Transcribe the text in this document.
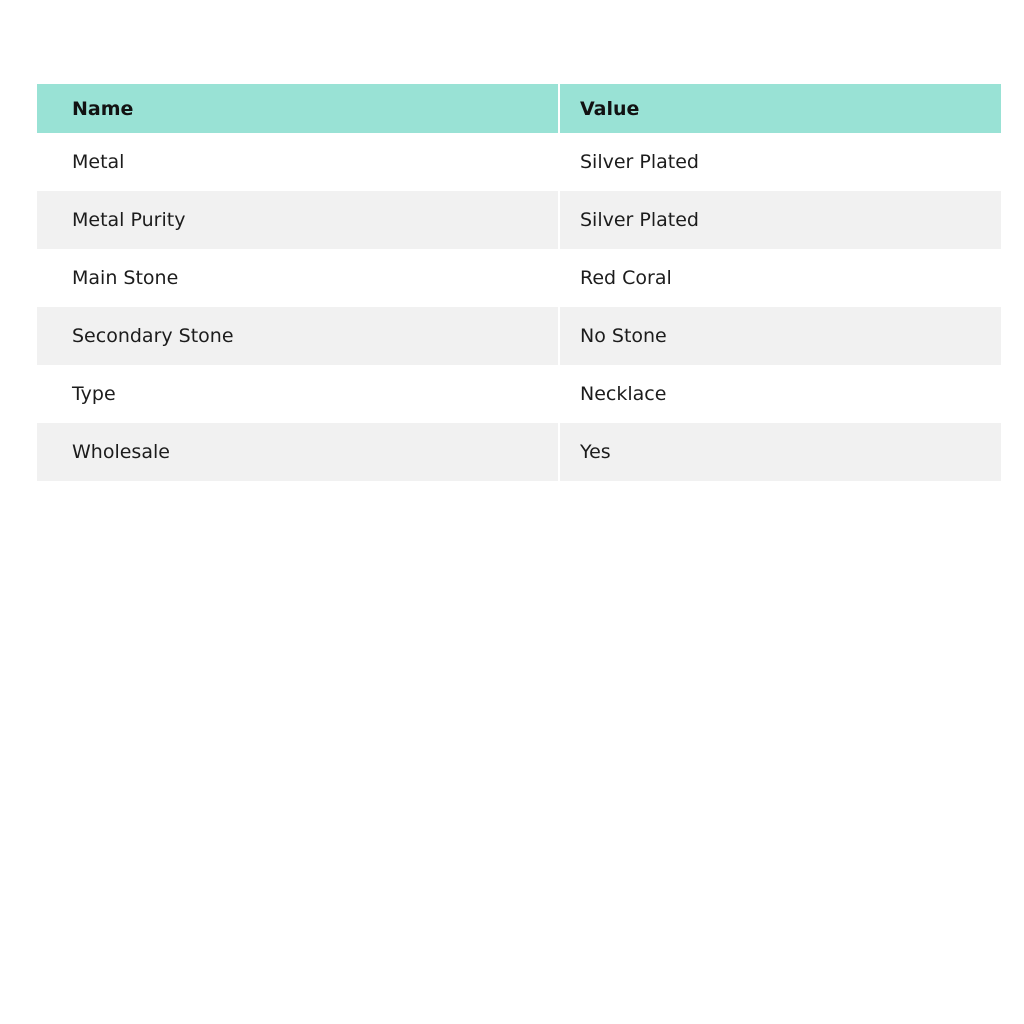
Name	Value
Metal	Silver Plated
Metal Purity	Silver Plated
Main Stone	Red Coral
Secondary Stone	No Stone
Type	Necklace
Wholesale	Yes
